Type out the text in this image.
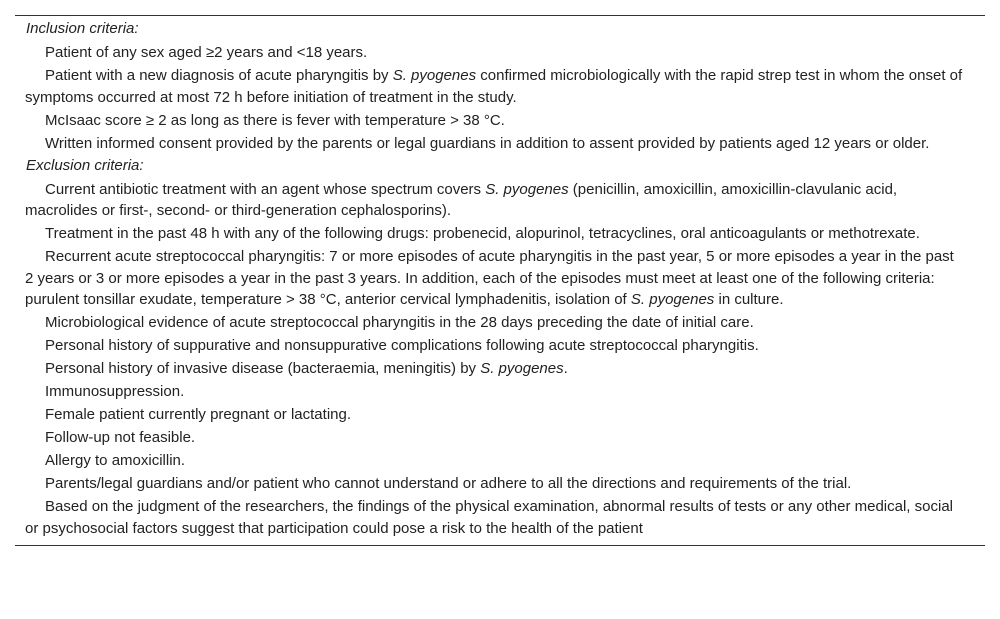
Inclusion criteria:
Patient of any sex aged ≥2 years and <18 years.
Patient with a new diagnosis of acute pharyngitis by S. pyogenes confirmed microbiologically with the rapid strep test in whom the onset of symptoms occurred at most 72 h before initiation of treatment in the study.
McIsaac score ≥ 2 as long as there is fever with temperature > 38 °C.
Written informed consent provided by the parents or legal guardians in addition to assent provided by patients aged 12 years or older.
Exclusion criteria:
Current antibiotic treatment with an agent whose spectrum covers S. pyogenes (penicillin, amoxicillin, amoxicillin-clavulanic acid, macrolides or first-, second- or third-generation cephalosporins).
Treatment in the past 48 h with any of the following drugs: probenecid, alopurinol, tetracyclines, oral anticoagulants or methotrexate.
Recurrent acute streptococcal pharyngitis: 7 or more episodes of acute pharyngitis in the past year, 5 or more episodes a year in the past 2 years or 3 or more episodes a year in the past 3 years. In addition, each of the episodes must meet at least one of the following criteria: purulent tonsillar exudate, temperature > 38 °C, anterior cervical lymphadenitis, isolation of S. pyogenes in culture.
Microbiological evidence of acute streptococcal pharyngitis in the 28 days preceding the date of initial care.
Personal history of suppurative and nonsuppurative complications following acute streptococcal pharyngitis.
Personal history of invasive disease (bacteraemia, meningitis) by S. pyogenes.
Immunosuppression.
Female patient currently pregnant or lactating.
Follow-up not feasible.
Allergy to amoxicillin.
Parents/legal guardians and/or patient who cannot understand or adhere to all the directions and requirements of the trial.
Based on the judgment of the researchers, the findings of the physical examination, abnormal results of tests or any other medical, social or psychosocial factors suggest that participation could pose a risk to the health of the patient
